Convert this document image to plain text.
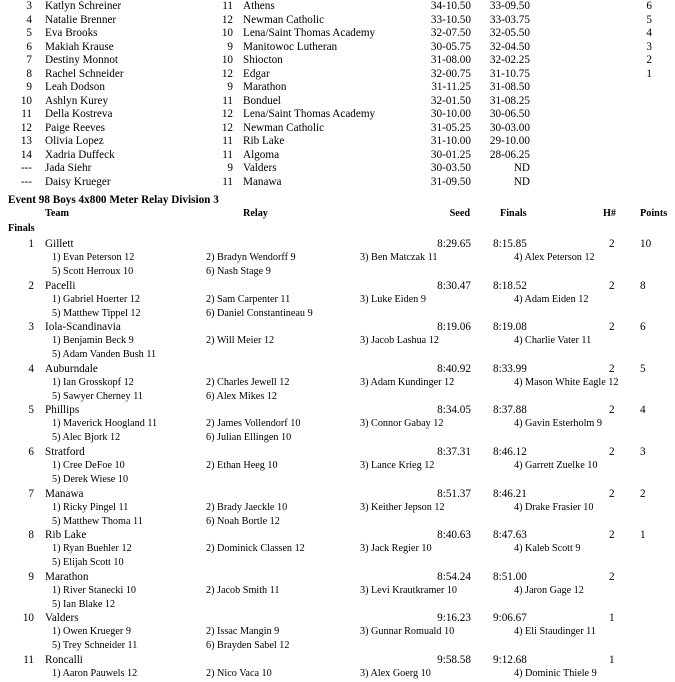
3 Katlyn Schreiner	11 Athens	34-10.50 33-09.50	6
4 Natalie Brenner	12 Newman Catholic	33-10.50 33-03.75	5
5 Eva Brooks	10 Lena/Saint Thomas Academy	32-07.50 32-05.50	4
6 Makiah Krause	9 Manitowoc Lutheran	30-05.75 32-04.50	3
7 Destiny Monnot	10 Shiocton	31-08.00 32-02.25	2
8 Rachel Schneider	12 Edgar	32-00.75 31-10.75	1
9 Leah Dodson	9 Marathon	31-11.25 31-08.50
10 Ashlyn Kurey	11 Bonduel	32-01.50 31-08.25
11 Della Kostreva	12 Lena/Saint Thomas Academy	30-10.00 30-06.50
12 Paige Reeves	12 Newman Catholic	31-05.25 30-03.00
13 Olivia Lopez	11 Rib Lake	31-10.00 29-10.00
14 Xadria Duffeck	11 Algoma	30-01.25 28-06.25
--- Jada Siehr	9 Valders	30-03.50	ND
--- Daisy Krueger	11 Manawa	31-09.50	ND
Event 98 Boys 4x800 Meter Relay Division 3
Team	Relay	Seed	Finals	H# Points
Finals
1 Gillett	8:29.65 8:15.85	2 10
1) Evan Peterson 12	2) Bradyn Wendorff 9	3) Ben Matczak 11	4) Alex Peterson 12
5) Scott Herroux 10	6) Nash Stage 9
2 Pacelli	8:30.47 8:18.52	2 8
1) Gabriel Hoerter 12	2) Sam Carpenter 11	3) Luke Eiden 9	4) Adam Eiden 12
5) Matthew Tippel 12	6) Daniel Constantineau 9
3 Iola-Scandinavia	8:19.06 8:19.08	2 6
1) Benjamin Beck 9	2) Will Meier 12	3) Jacob Lashua 12	4) Charlie Vater 11
5) Adam Vanden Bush 11
4 Auburndale	8:40.92 8:33.99	2 5
1) Ian Grosskopf 12	2) Charles Jewell 12	3) Adam Kundinger 12	4) Mason White Eagle 12
5) Sawyer Cherney 11	6) Alex Mikes 12
5 Phillips	8:34.05 8:37.88	2 4
1) Maverick Hoogland 11	2) James Vollendorf 10	3) Connor Gabay 12	4) Gavin Esterholm 9
5) Alec Bjork 12	6) Julian Ellingen 10
6 Stratford	8:37.31 8:46.12	2 3
1) Cree DeFoe 10	2) Ethan Heeg 10	3) Lance Krieg 12	4) Garrett Zuelke 10
5) Derek Wiese 10
7 Manawa	8:51.37 8:46.21	2 2
1) Ricky Pingel 11	2) Brady Jaeckle 10	3) Keither Jepson 12	4) Drake Frasier 10
5) Matthew Thoma 11	6) Noah Bortle 12
8 Rib Lake	8:40.63 8:47.63	2 1
1) Ryan Buehler 12	2) Dominick Classen 12	3) Jack Regier 10	4) Kaleb Scott 9
5) Elijah Scott 10
9 Marathon	8:54.24 8:51.00	2
1) River Stanecki 10	2) Jacob Smith 11	3) Levi Krautkramer 10	4) Jaron Gage 12
5) Ian Blake 12
10 Valders	9:16.23 9:06.67	1
1) Owen Krueger 9	2) Issac Mangin 9	3) Gunnar Romuald 10	4) Eli Staudinger 11
5) Trey Schneider 11	6) Brayden Sabel 12
11 Roncalli	9:58.58 9:12.68	1
1) Aaron Pauwels 12	2) Nico Vaca 10	3) Alex Goerg 10	4) Dominic Thiele 9
